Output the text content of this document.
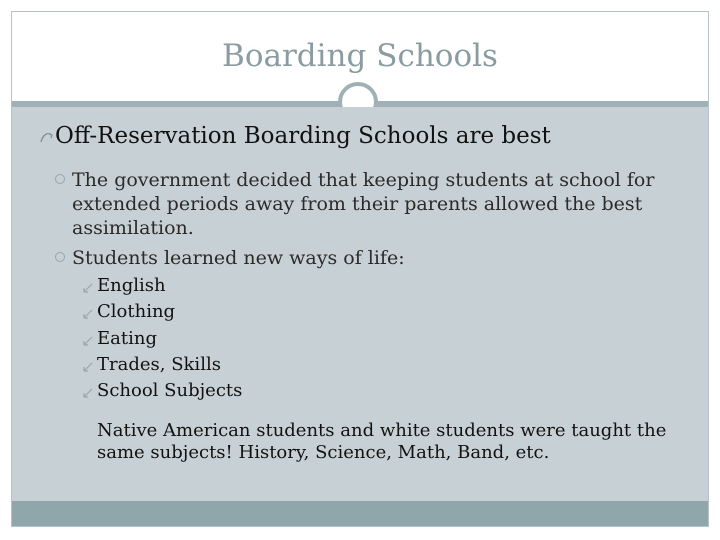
Boarding Schools
Off-Reservation Boarding Schools are best
The government decided that keeping students at school for extended periods away from their parents allowed the best assimilation.
Students learned new ways of life:
English
Clothing
Eating
Trades, Skills
School Subjects
Native American students and white students were taught the same subjects! History, Science, Math, Band, etc.
